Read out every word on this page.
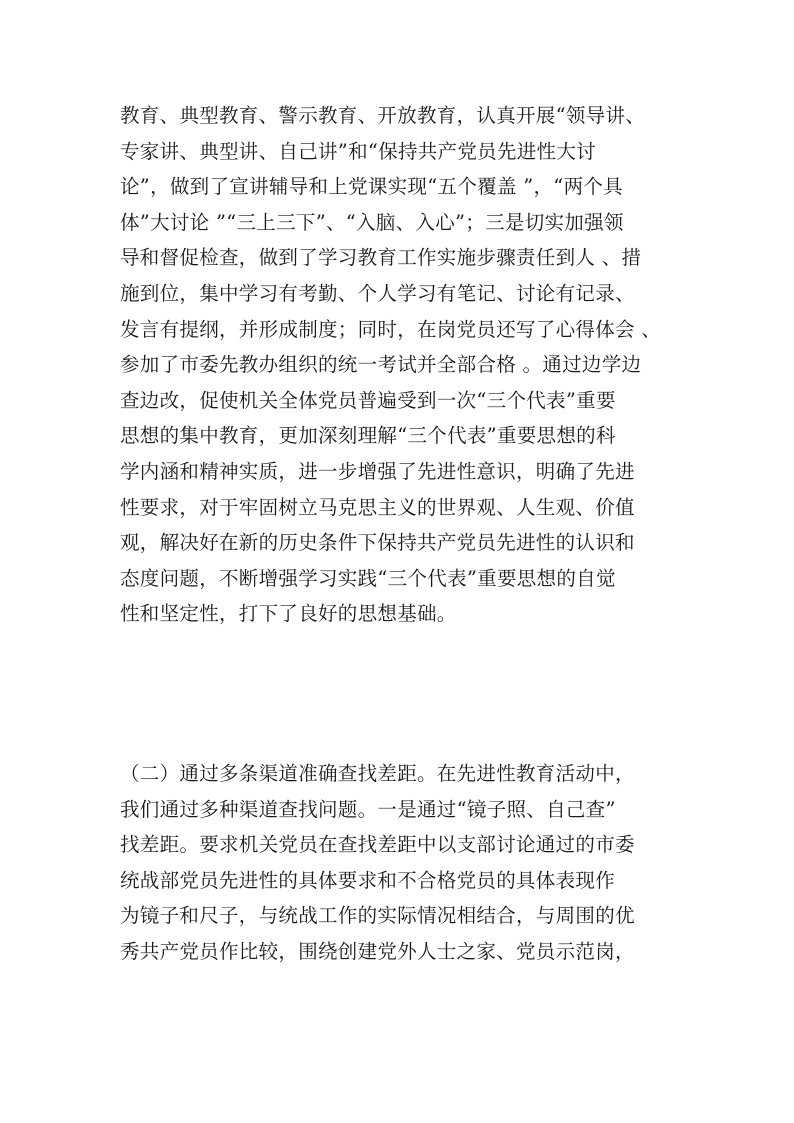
教育、典型教育、警示教育、开放教育，认真开展“领导讲、
专家讲、典型讲、自己讲”和“保持共产党员先进性大讨
论”，做到了宣讲辅导和上党课实现“五个覆盖 ”，“两个具
体”大讨论 ”“三上三下”、“入脑、入心”；三是切实加强领
导和督促检查，做到了学习教育工作实施步骤责任到人 、措
施到位，集中学习有考勤、个人学习有笔记、讨论有记录、
发言有提纲，并形成制度；同时，在岗党员还写了心得体会 、
参加了市委先教办组织的统一考试并全部合格 。通过边学边
查边改，促使机关全体党员普遍受到一次“三个代表”重要
思想的集中教育，更加深刻理解“三个代表”重要思想的科
学内涵和精神实质，进一步增强了先进性意识，明确了先进
性要求，对于牢固树立马克思主义的世界观、人生观、价值
观，解决好在新的历史条件下保持共产党员先进性的认识和
态度问题，不断增强学习实践“三个代表”重要思想的自觉
性和坚定性，打下了良好的思想基础。
（二）通过多条渠道准确查找差距。在先进性教育活动中，
我们通过多种渠道查找问题。一是通过“镜子照、自己查”
找差距。要求机关党员在查找差距中以支部讨论通过的市委
统战部党员先进性的具体要求和不合格党员的具体表现作
为镜子和尺子，与统战工作的实际情况相结合，与周围的优
秀共产党员作比较，围绕创建党外人士之家、党员示范岗，
